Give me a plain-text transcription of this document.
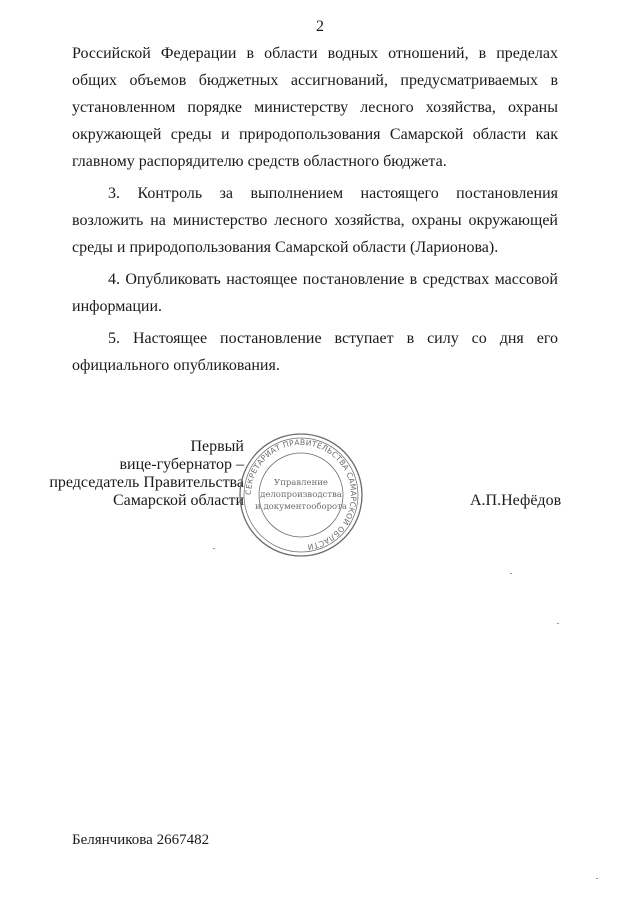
2

Российской Федерации в области водных отношений, в пределах общих объемов бюджетных ассигнований, предусматриваемых в установленном порядке министерству лесного хозяйства, охраны окружающей среды и природопользования Самарской области как главному распорядителю средств областного бюджета.

3. Контроль за выполнением настоящего постановления возложить на министерство лесного хозяйства, охраны окружающей среды и природопользования Самарской области (Ларионова).

4. Опубликовать настоящее постановление в средствах массовой информации.

5. Настоящее постановление вступает в силу со дня его официального опубликования.

Первый
вице-губернатор –
председатель Правительства
Самарской области СЕКРЕТАРИАТ ПРАВИТЕЛЬСТВА САМАРСКОЙ ОБЛАСТИ
Управление
делопроизводства
и документооборота	А.П.Нефёдов
Белянчикова 2667482
